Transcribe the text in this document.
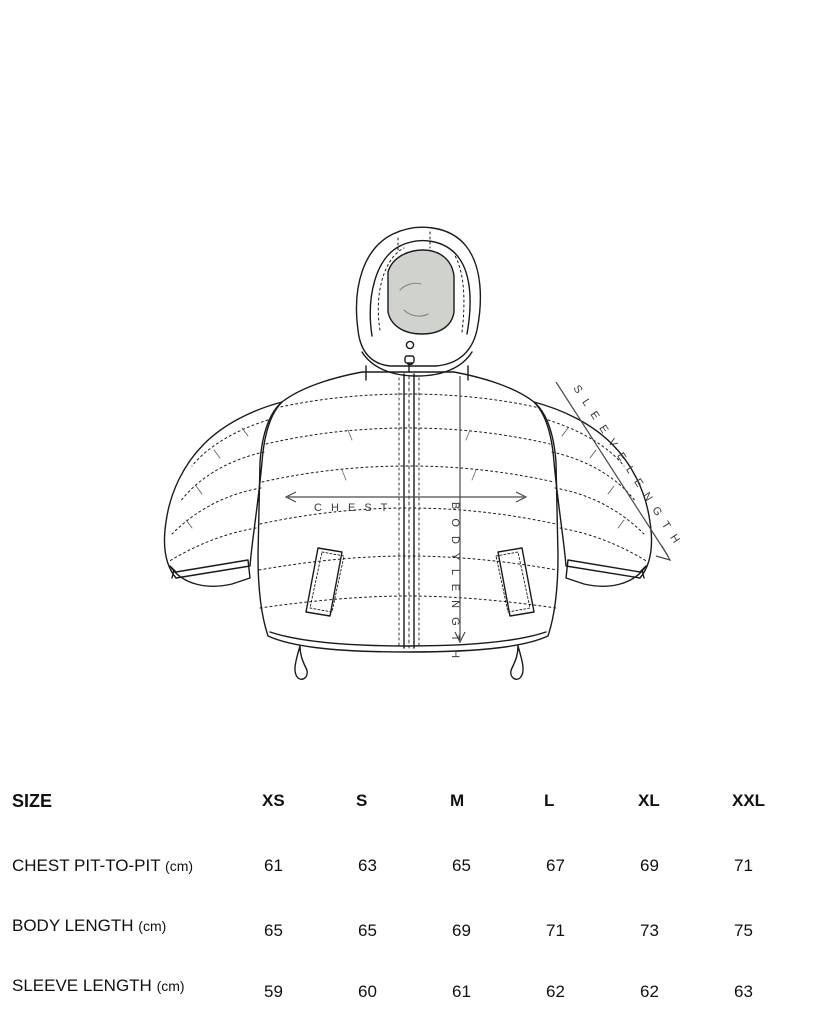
C H E S T	B O D Y L E N G T H
S L E E V E L E N G T H
SIZE	XS	S	M	L	XL	XXL
CHEST PIT-TO-PIT (cm)	61	63	65	67	69	71
BODY LENGTH (cm)	65	65	69	71	73	75
SLEEVE LENGTH (cm)	59	60	61	62	62	63
